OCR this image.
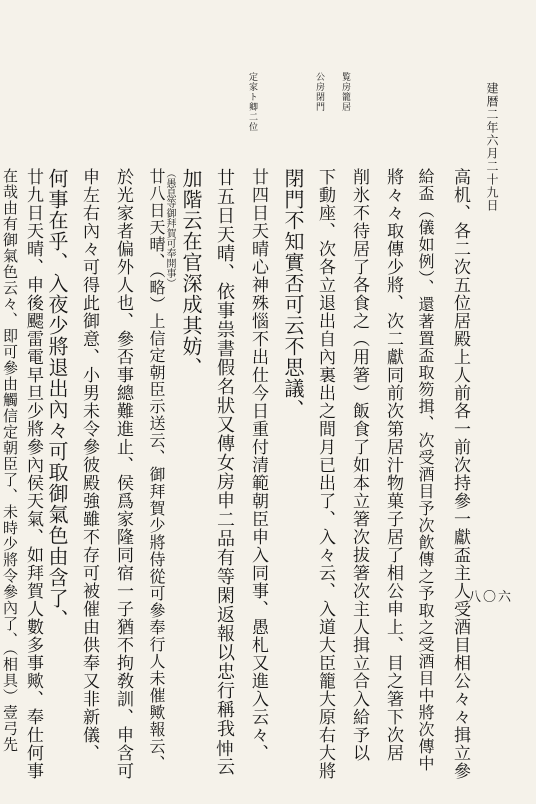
建暦二年六月二十九日
覧房籠居
公房閉門
定家ト卿二位
高机、各二次五位居殿上人前各一前次持參一獻盃主人受酒目相公々々揖立參
給盃（儀如例）、還著置盃取笏揖、次受酒目予次飮傳之予取之受酒目中將次傳中
將々々取傳少將、次二獻同前次第居汁物菓子居了相公申上、目之箸下次居
削氷不待居了各食之（用箸）飯食了如本立箸次拔箸次主人揖立合入給予以
下動座、次各立退出自內裏出之間月已出了、入々云、入道大臣籠大原右大將
閉門不知實否可云不思議、
廿四日天晴心神殊惱不出仕今日重付清範朝臣申入同事、愚札又進入云々、
廿五日天晴、依事祟書假名狀又傳女房申二品有等閑返報以忠行稱我𢘊云
加階云在官深成其妨、
（愚息等御拜賀可奉開事）
廿八日天晴、（略）上信定朝臣示送云、御拜賀少將侍從可參奉行人未催歟報云、
於光家者偏外人也、參否事總難進止、侯爲家隆同宿一子猶不拘敎訓、申含可
申左右內々可得此御意、小男未令參彼殿強雖不存可被催由供奉又非新儀、
何事在乎、入夜少將退出內々可取御氣色由含了、
廿九日天晴、申後颸雷電早旦少將參內侯天氣、如拜賀人數多事歟、奉仕何事
在哉由有御氣色云々、即可參由觸信定朝臣了、未時少將令參內了、（相具）壹弓先	八〇六
